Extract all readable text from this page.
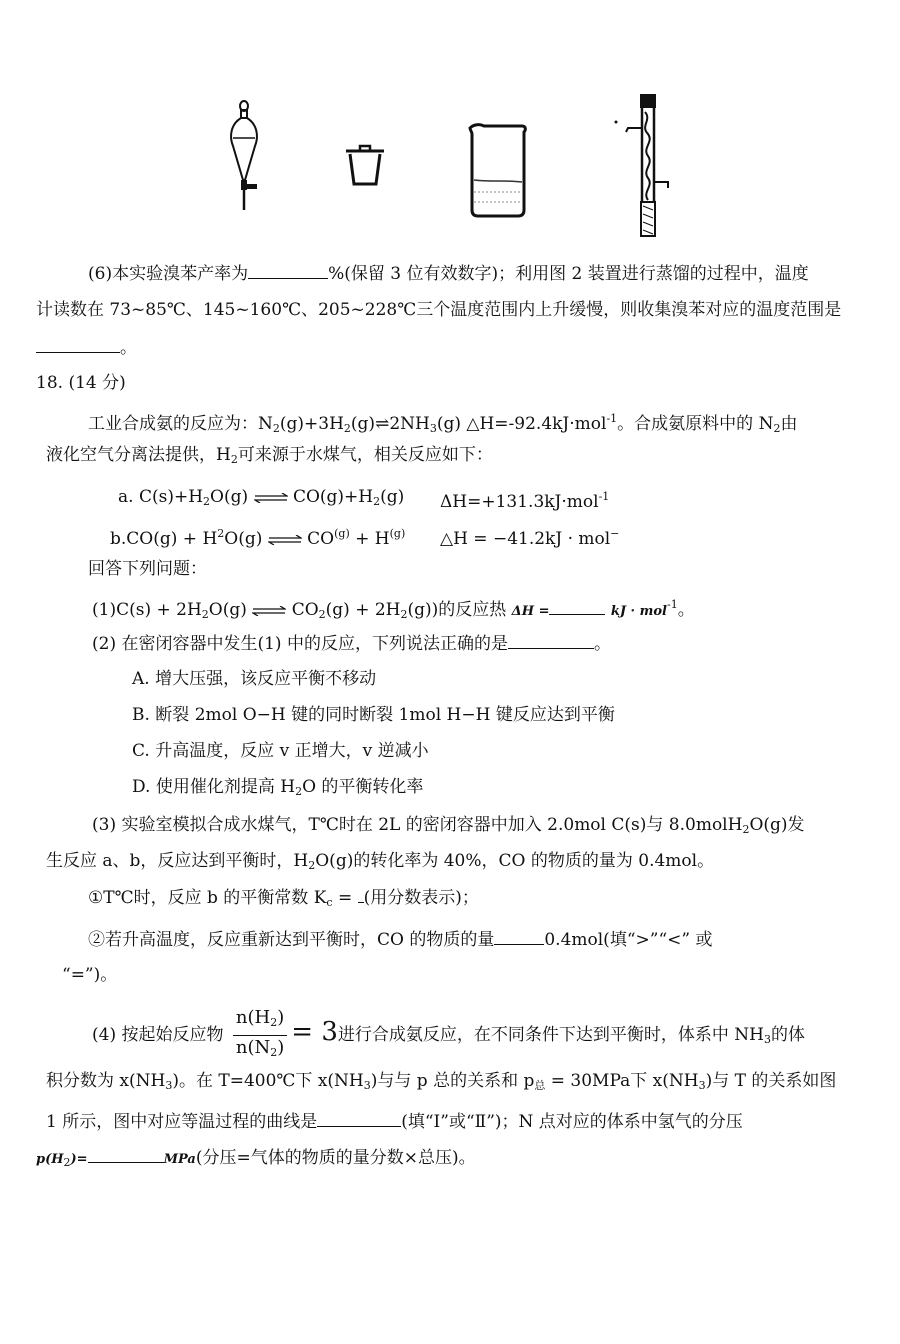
(6)本实验溴苯产率为	%(保留 3 位有效数字)；利用图 2 装置进行蒸馏的过程中，温度
计读数在 73~85℃、145~160℃、205~228℃三个温度范围内上升缓慢，则收集溴苯对应的温度范围是
。
18. (14 分)
工业合成氨的反应为：$N_2(g)+3H_2(g)\rightleftharpoons 2NH_3(g)$ △H=-92.4kJ·mol$^{-1}$。合成氨原料中的 $N_2$由
液化空气分离法提供，$H_2$可来源于水煤气，相关反应如下：
a. $C(s)+H_2O(g)$ ⇌ $CO(g)+H_2(g)$ ΔH=+131.3kJ·mol$^{-1}$
$b.CO(g) + H^2O(g)$ ⇌ $CO^{(g)} + H^{(g)}$ △H = −41.2kJ · mol−
回答下列问题：
$(1)C(s) + 2H_2O(g)$ ⇌ $CO_2(g) + 2H_2(g)$)的反应热 ΔH =	kJ · mol$^{-1}$。
(2) 在密闭容器中发生(1) 中的反应，下列说法正确的是	。
A. 增大压强，该反应平衡不移动
B. 断裂 2mol O−H 键的同时断裂 1mol H−H 键反应达到平衡
C. 升高温度，反应 v 正增大，v 逆减小
D. 使用催化剂提高 $H_2O$ 的平衡转化率
(3) 实验室模拟合成水煤气，T℃时在 2L 的密闭容器中加入 2.0mol C(s)与 8.0molH$_2$O(g)发
生反应 a、b，反应达到平衡时，$H_2O(g)$的转化率为 40%，CO 的物质的量为 0.4mol。
①T℃时，反应 b 的平衡常数 $K_c$ = (用分数表示)；
②若升高温度，反应重新达到平衡时，CO 的物质的量	0.4mol(填“>”“<” 或
“=”)。
(4) 按起始反应物 $\frac{n(H_2)}{n(N_2)} = 3$进行合成氨反应，在不同条件下达到平衡时，体系中 $NH_3$的体
积分数为 $x(NH_3)$。在 T=400℃下 $x(NH_3)$与与 p 总的关系和 $p_总 = 30MPa$下 $x(NH_3)$与 T 的关系如图
1 所示，图中对应等温过程的曲线是	(填“Ⅰ”或“Ⅱ”)；N 点对应的体系中氢气的分压
$p(H_2)=$	MPa(分压=气体的物质的量分数×总压)。
